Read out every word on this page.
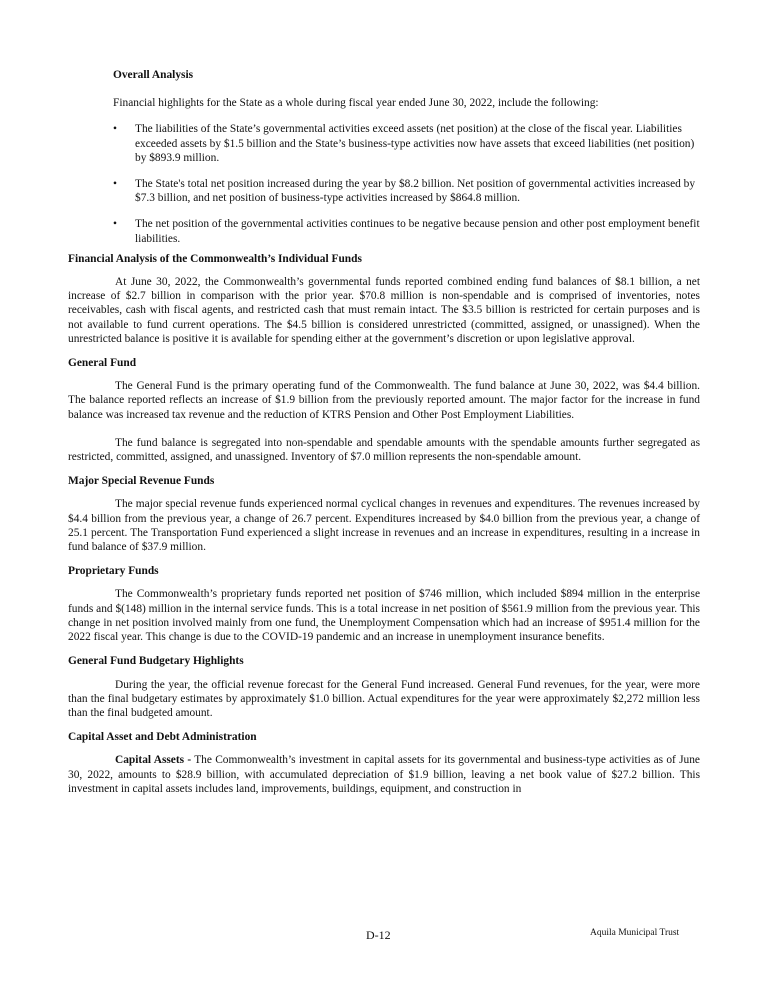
Overall Analysis

Financial highlights for the State as a whole during fiscal year ended June 30, 2022, include the following:

• The liabilities of the State’s governmental activities exceed assets (net position) at the close of the fiscal year. Liabilities exceeded assets by $1.5 billion and the State’s business-type activities now have assets that exceed liabilities (net position) by $893.9 million.
• The State's total net position increased during the year by $8.2 billion. Net position of governmental activities increased by $7.3 billion, and net position of business-type activities increased by $864.8 million.
• The net position of the governmental activities continues to be negative because pension and other post employment benefit liabilities.
Financial Analysis of the Commonwealth’s Individual Funds

At June 30, 2022, the Commonwealth’s governmental funds reported combined ending fund balances of $8.1 billion, a net increase of $2.7 billion in comparison with the prior year. $70.8 million is non-spendable and is comprised of inventories, notes receivables, cash with fiscal agents, and restricted cash that must remain intact. The $3.5 billion is restricted for certain purposes and is not available to fund current operations. The $4.5 billion is considered unrestricted (committed, assigned, or unassigned). When the unrestricted balance is positive it is available for spending either at the government’s discretion or upon legislative approval.

General Fund

The General Fund is the primary operating fund of the Commonwealth. The fund balance at June 30, 2022, was $4.4 billion. The balance reported reflects an increase of $1.9 billion from the previously reported amount. The major factor for the increase in fund balance was increased tax revenue and the reduction of KTRS Pension and Other Post Employment Liabilities.

The fund balance is segregated into non-spendable and spendable amounts with the spendable amounts further segregated as restricted, committed, assigned, and unassigned. Inventory of $7.0 million represents the non-spendable amount.

Major Special Revenue Funds

The major special revenue funds experienced normal cyclical changes in revenues and expenditures. The revenues increased by $4.4 billion from the previous year, a change of 26.7 percent. Expenditures increased by $4.0 billion from the previous year, a change of 25.1 percent. The Transportation Fund experienced a slight increase in revenues and an increase in expenditures, resulting in a increase in fund balance of $37.9 million.

Proprietary Funds

The Commonwealth’s proprietary funds reported net position of $746 million, which included $894 million in the enterprise funds and $(148) million in the internal service funds. This is a total increase in net position of $561.9 million from the previous year. This change in net position involved mainly from one fund, the Unemployment Compensation which had an increase of $951.4 million for the 2022 fiscal year. This change is due to the COVID-19 pandemic and an increase in unemployment insurance benefits.

General Fund Budgetary Highlights

During the year, the official revenue forecast for the General Fund increased. General Fund revenues, for the year, were more than the final budgetary estimates by approximately $1.0 billion. Actual expenditures for the year were approximately $2,272 million less than the final budgeted amount.

Capital Asset and Debt Administration

Capital Assets - The Commonwealth’s investment in capital assets for its governmental and business-type activities as of June 30, 2022, amounts to $28.9 billion, with accumulated depreciation of $1.9 billion, leaving a net book value of $27.2 billion. This investment in capital assets includes land, improvements, buildings, equipment, and construction in

D-12	Aquila Municipal Trust
